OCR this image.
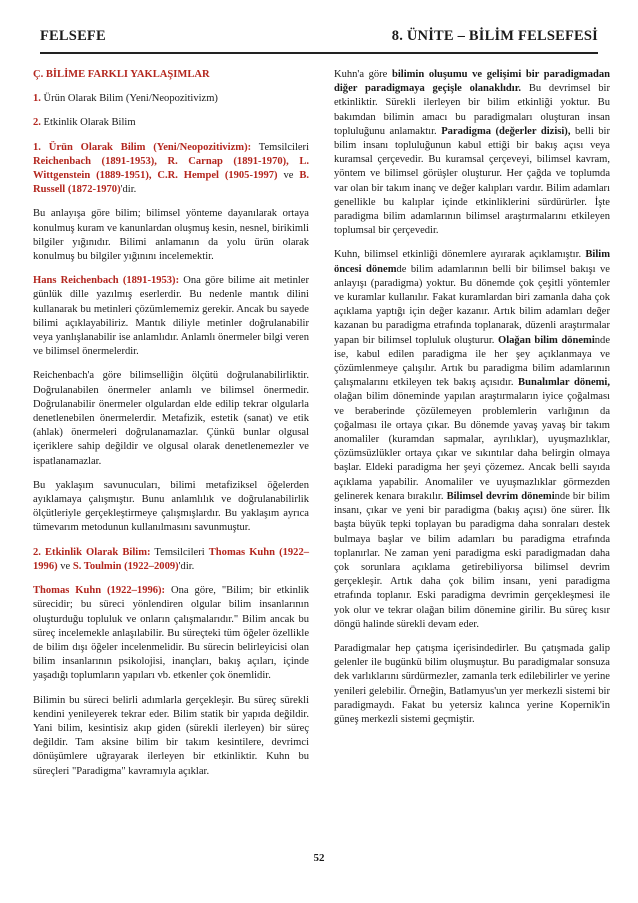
FELSEFE	8. ÜNİTE – BİLİM FELSEFESİ

Ç. BİLİME FARKLI YAKLAŞIMLAR

1. Ürün Olarak Bilim (Yeni/Neopozitivizm)

2. Etkinlik Olarak Bilim

1. Ürün Olarak Bilim (Yeni/Neopozitivizm): Temsilcileri Reichenbach (1891-1953), R. Carnap (1891-1970), L. Wittgenstein (1889-1951), C.R. Hempel (1905-1997) ve B. Russell (1872-1970)'dir.

Bu anlayışa göre bilim; bilimsel yönteme dayanılarak ortaya konulmuş kuram ve kanunlardan oluşmuş kesin, nesnel, birikimli bilgiler yığınıdır. Bilimi anlamanın da yolu ürün olarak konulmuş bu bilgiler yığınını incelemektir.

Hans Reichenbach (1891-1953): Ona göre bilime ait metinler günlük dille yazılmış eserlerdir. Bu nedenle mantık dilini kullanarak bu metinleri çözümlememiz gerekir. Ancak bu sayede bilimi açıklayabiliriz. Mantık diliyle metinler doğrulanabilir veya yanlışlanabilir ise anlamlıdır. Anlamlı önermeler bilgi veren ve bilimsel önermelerdir.

Reichenbach'a göre bilimselliğin ölçütü doğrulanabilirliktir. Doğrulanabilen önermeler anlamlı ve bilimsel önermedir. Doğrulanabilir önermeler olgulardan elde edilip tekrar olgularla denetlenebilen önermelerdir. Metafizik, estetik (sanat) ve etik (ahlak) önermeleri doğrulanamazlar. Çünkü bunlar olgusal içeriklere sahip değildir ve olgusal olarak denetlenemezler ve ispatlanamazlar.

Bu yaklaşım savunucuları, bilimi metafiziksel öğelerden ayıklamaya çalışmıştır. Bunu anlamlılık ve doğrulanabilirlik ölçütleriyle gerçekleştirmeye çalışmışlardır. Bu yaklaşım ayrıca tümevarım metodunun kullanılmasını savunmuştur.

2. Etkinlik Olarak Bilim: Temsilcileri Thomas Kuhn (1922–1996) ve S. Toulmin (1922–2009)'dir.

Thomas Kuhn (1922–1996): Ona göre, "Bilim; bir etkinlik sürecidir; bu süreci yönlendiren olgular bilim insanlarının oluşturduğu topluluk ve onların çalışmalarıdır." Bilim ancak bu süreç incelemekle anlaşılabilir. Bu süreçteki tüm öğeler özellikle de bilim dışı öğeler incelenmelidir. Bu sürecin belirleyicisi olan bilim insanlarının psikolojisi, inançları, bakış açıları, içinde yaşadığı toplumların yapıları vb. etkenler çok önemlidir.

Bilimin bu süreci belirli adımlarla gerçekleşir. Bu süreç sürekli kendini yenileyerek tekrar eder. Bilim statik bir yapıda değildir. Yani bilim, kesintisiz akıp giden (sürekli ilerleyen) bir süreç değildir. Tam aksine bilim bir takım kesintilere, devrimci dönüşümlere uğrayarak ilerleyen bir etkinliktir. Kuhn bu süreçleri "Paradigma" kavramıyla açıklar.

Kuhn'a göre bilimin oluşumu ve gelişimi bir paradigmadan diğer paradigmaya geçişle olanaklıdır. Bu devrimsel bir etkinliktir. Sürekli ilerleyen bir bilim etkinliği yoktur. Bu bakımdan bilimin amacı bu paradigmaları oluşturan insan topluluğunu anlamaktır. Paradigma (değerler dizisi), belli bir bilim insanı topluluğunun kabul ettiği bir bakış açısı veya kuramsal çerçevedir. Bu kuramsal çerçeveyi, bilimsel kavram, yöntem ve bilimsel görüşler oluşturur. Her çağda ve toplumda var olan bir takım inanç ve değer kalıpları vardır. Bilim adamları genellikle bu kalıplar içinde etkinliklerini sürdürürler. İşte paradigma bilim adamlarının bilimsel araştırmalarını etkileyen toplumsal bir çerçevedir.

Kuhn, bilimsel etkinliği dönemlere ayırarak açıklamıştır. Bilim öncesi dönemde bilim adamlarının belli bir bilimsel bakışı ve anlayışı (paradigma) yoktur. Bu dönemde çok çeşitli yöntemler ve kuramlar kullanılır. Fakat kuramlardan biri zamanla daha çok açıklama yaptığı için değer kazanır. Artık bilim adamları değer kazanan bu paradigma etrafında toplanarak, düzenli araştırmalar yapan bir bilimsel topluluk oluşturur. Olağan bilim döneminde ise, kabul edilen paradigma ile her şey açıklanmaya ve çözümlenmeye çalışılır. Artık bu paradigma bilim adamlarının çalışmalarını etkileyen tek bakış açısıdır. Bunalımlar dönemi, olağan bilim döneminde yapılan araştırmaların iyice çoğalması ve beraberinde çözülemeyen problemlerin varlığının da çoğalması ile ortaya çıkar. Bu dönemde yavaş yavaş bir takım anomaliler (kuramdan sapmalar, ayrılıklar), uyuşmazlıklar, çözümsüzlükler ortaya çıkar ve sıkıntılar daha belirgin olmaya başlar. Eldeki paradigma her şeyi çözemez. Ancak belli sayıda açıklama yapabilir. Anomaliler ve uyuşmazlıklar görmezden gelinerek kenara bırakılır. Bilimsel devrim döneminde bir bilim insanı, çıkar ve yeni bir paradigma (bakış açısı) öne sürer. İlk başta büyük tepki toplayan bu paradigma daha sonraları destek bulmaya başlar ve bilim adamları bu paradigma etrafında toplanırlar. Ne zaman yeni paradigma eski paradigmadan daha çok sorunlara açıklama getirebiliyorsa bilimsel devrim gerçekleşir. Artık daha çok bilim insanı, yeni paradigma etrafında toplanır. Eski paradigma devrimin gerçekleşmesi ile yok olur ve tekrar olağan bilim dönemine girilir. Bu süreç kısır döngü halinde sürekli devam eder.

Paradigmalar hep çatışma içerisindedirler. Bu çatışmada galip gelenler ile bugünkü bilim oluşmuştur. Bu paradigmalar sonsuza dek varlıklarını sürdürmezler, zamanla terk edilebilirler ve yerine yenileri gelebilir. Örneğin, Batlamyus'un yer merkezli sistemi bir paradigmaydı. Fakat bu yetersiz kalınca yerine Kopernik'in güneş merkezli sistemi geçmiştir.

52
